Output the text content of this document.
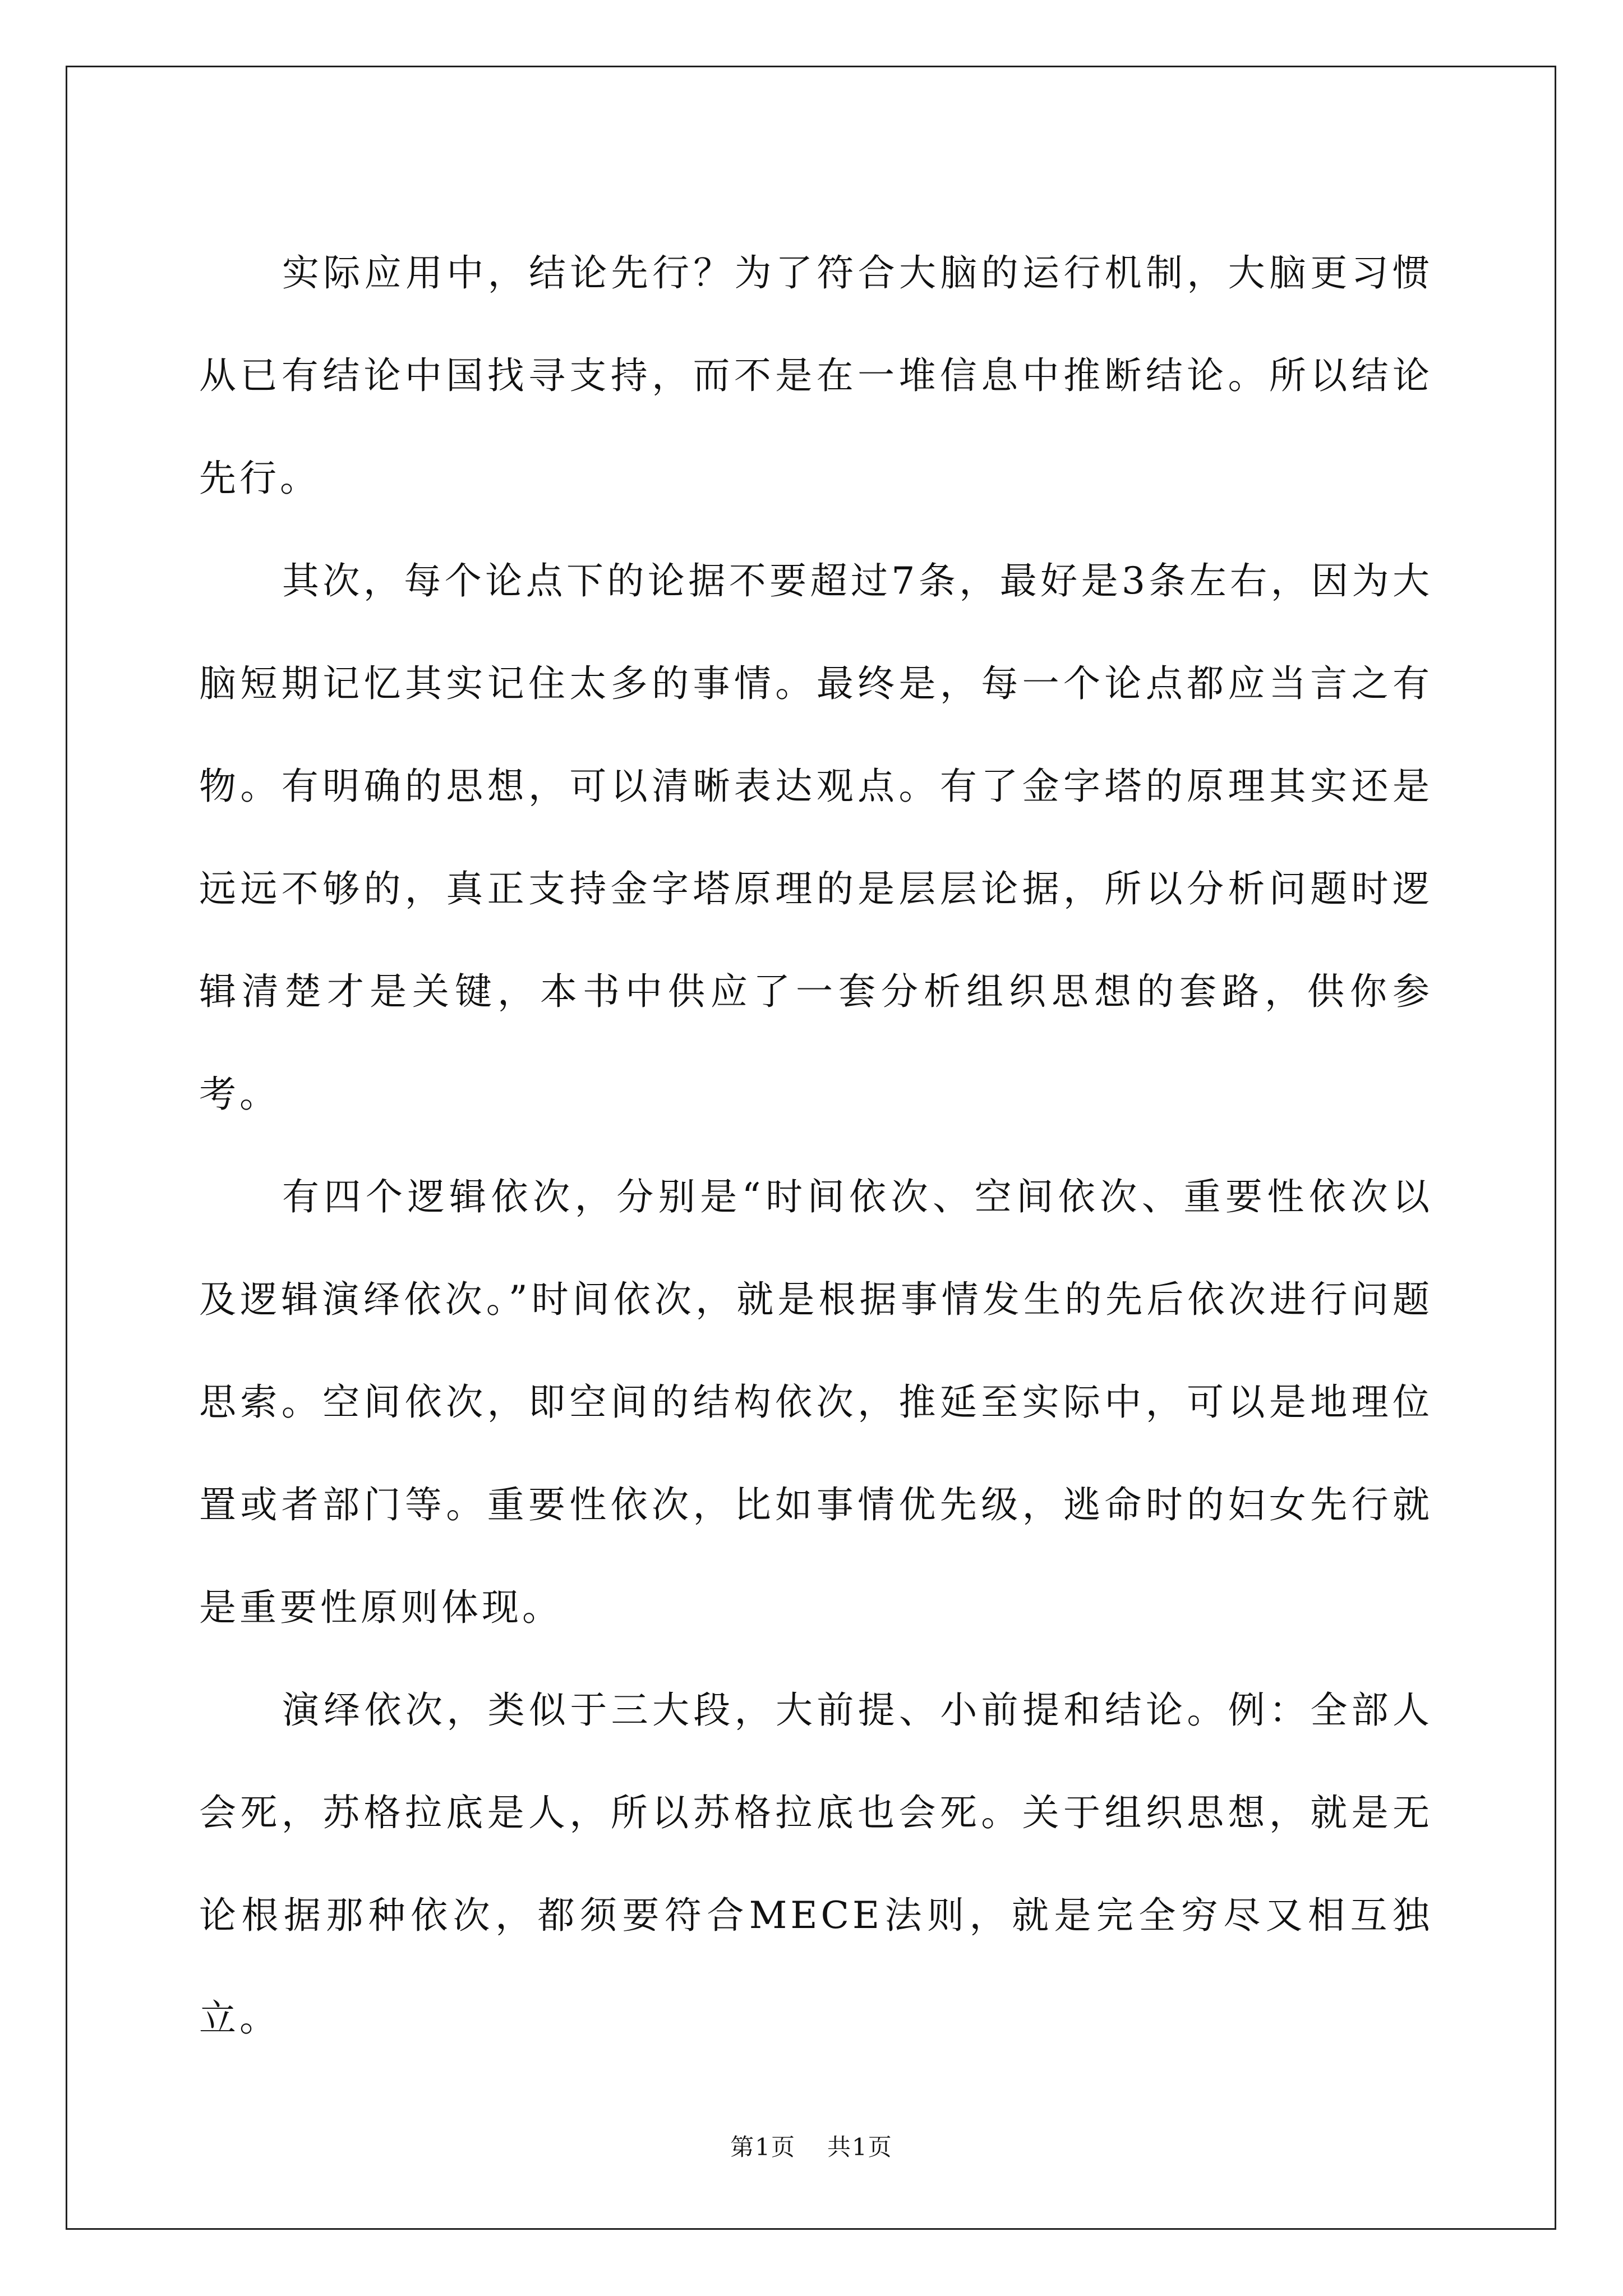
实际应用中，结论先行？为了符合大脑的运行机制，大脑更习惯从已有结论中国找寻支持，而不是在一堆信息中推断结论。所以结论先行。

其次，每个论点下的论据不要超过7条，最好是3条左右，因为大脑短期记忆其实记住太多的事情。最终是，每一个论点都应当言之有物。有明确的思想，可以清晰表达观点。有了金字塔的原理其实还是远远不够的，真正支持金字塔原理的是层层论据，所以分析问题时逻辑清楚才是关键，本书中供应了一套分析组织思想的套路，供你参考。

有四个逻辑依次，分别是“时间依次、空间依次、重要性依次以及逻辑演绎依次。”时间依次，就是根据事情发生的先后依次进行问题思索。空间依次，即空间的结构依次，推延至实际中，可以是地理位置或者部门等。重要性依次，比如事情优先级，逃命时的妇女先行就是重要性原则体现。

演绎依次，类似于三大段，大前提、小前提和结论。例：全部人会死，苏格拉底是人，所以苏格拉底也会死。关于组织思想，就是无论根据那种依次，都须要符合MECE法则，就是完全穷尽又相互独立。

第1页 共1页
